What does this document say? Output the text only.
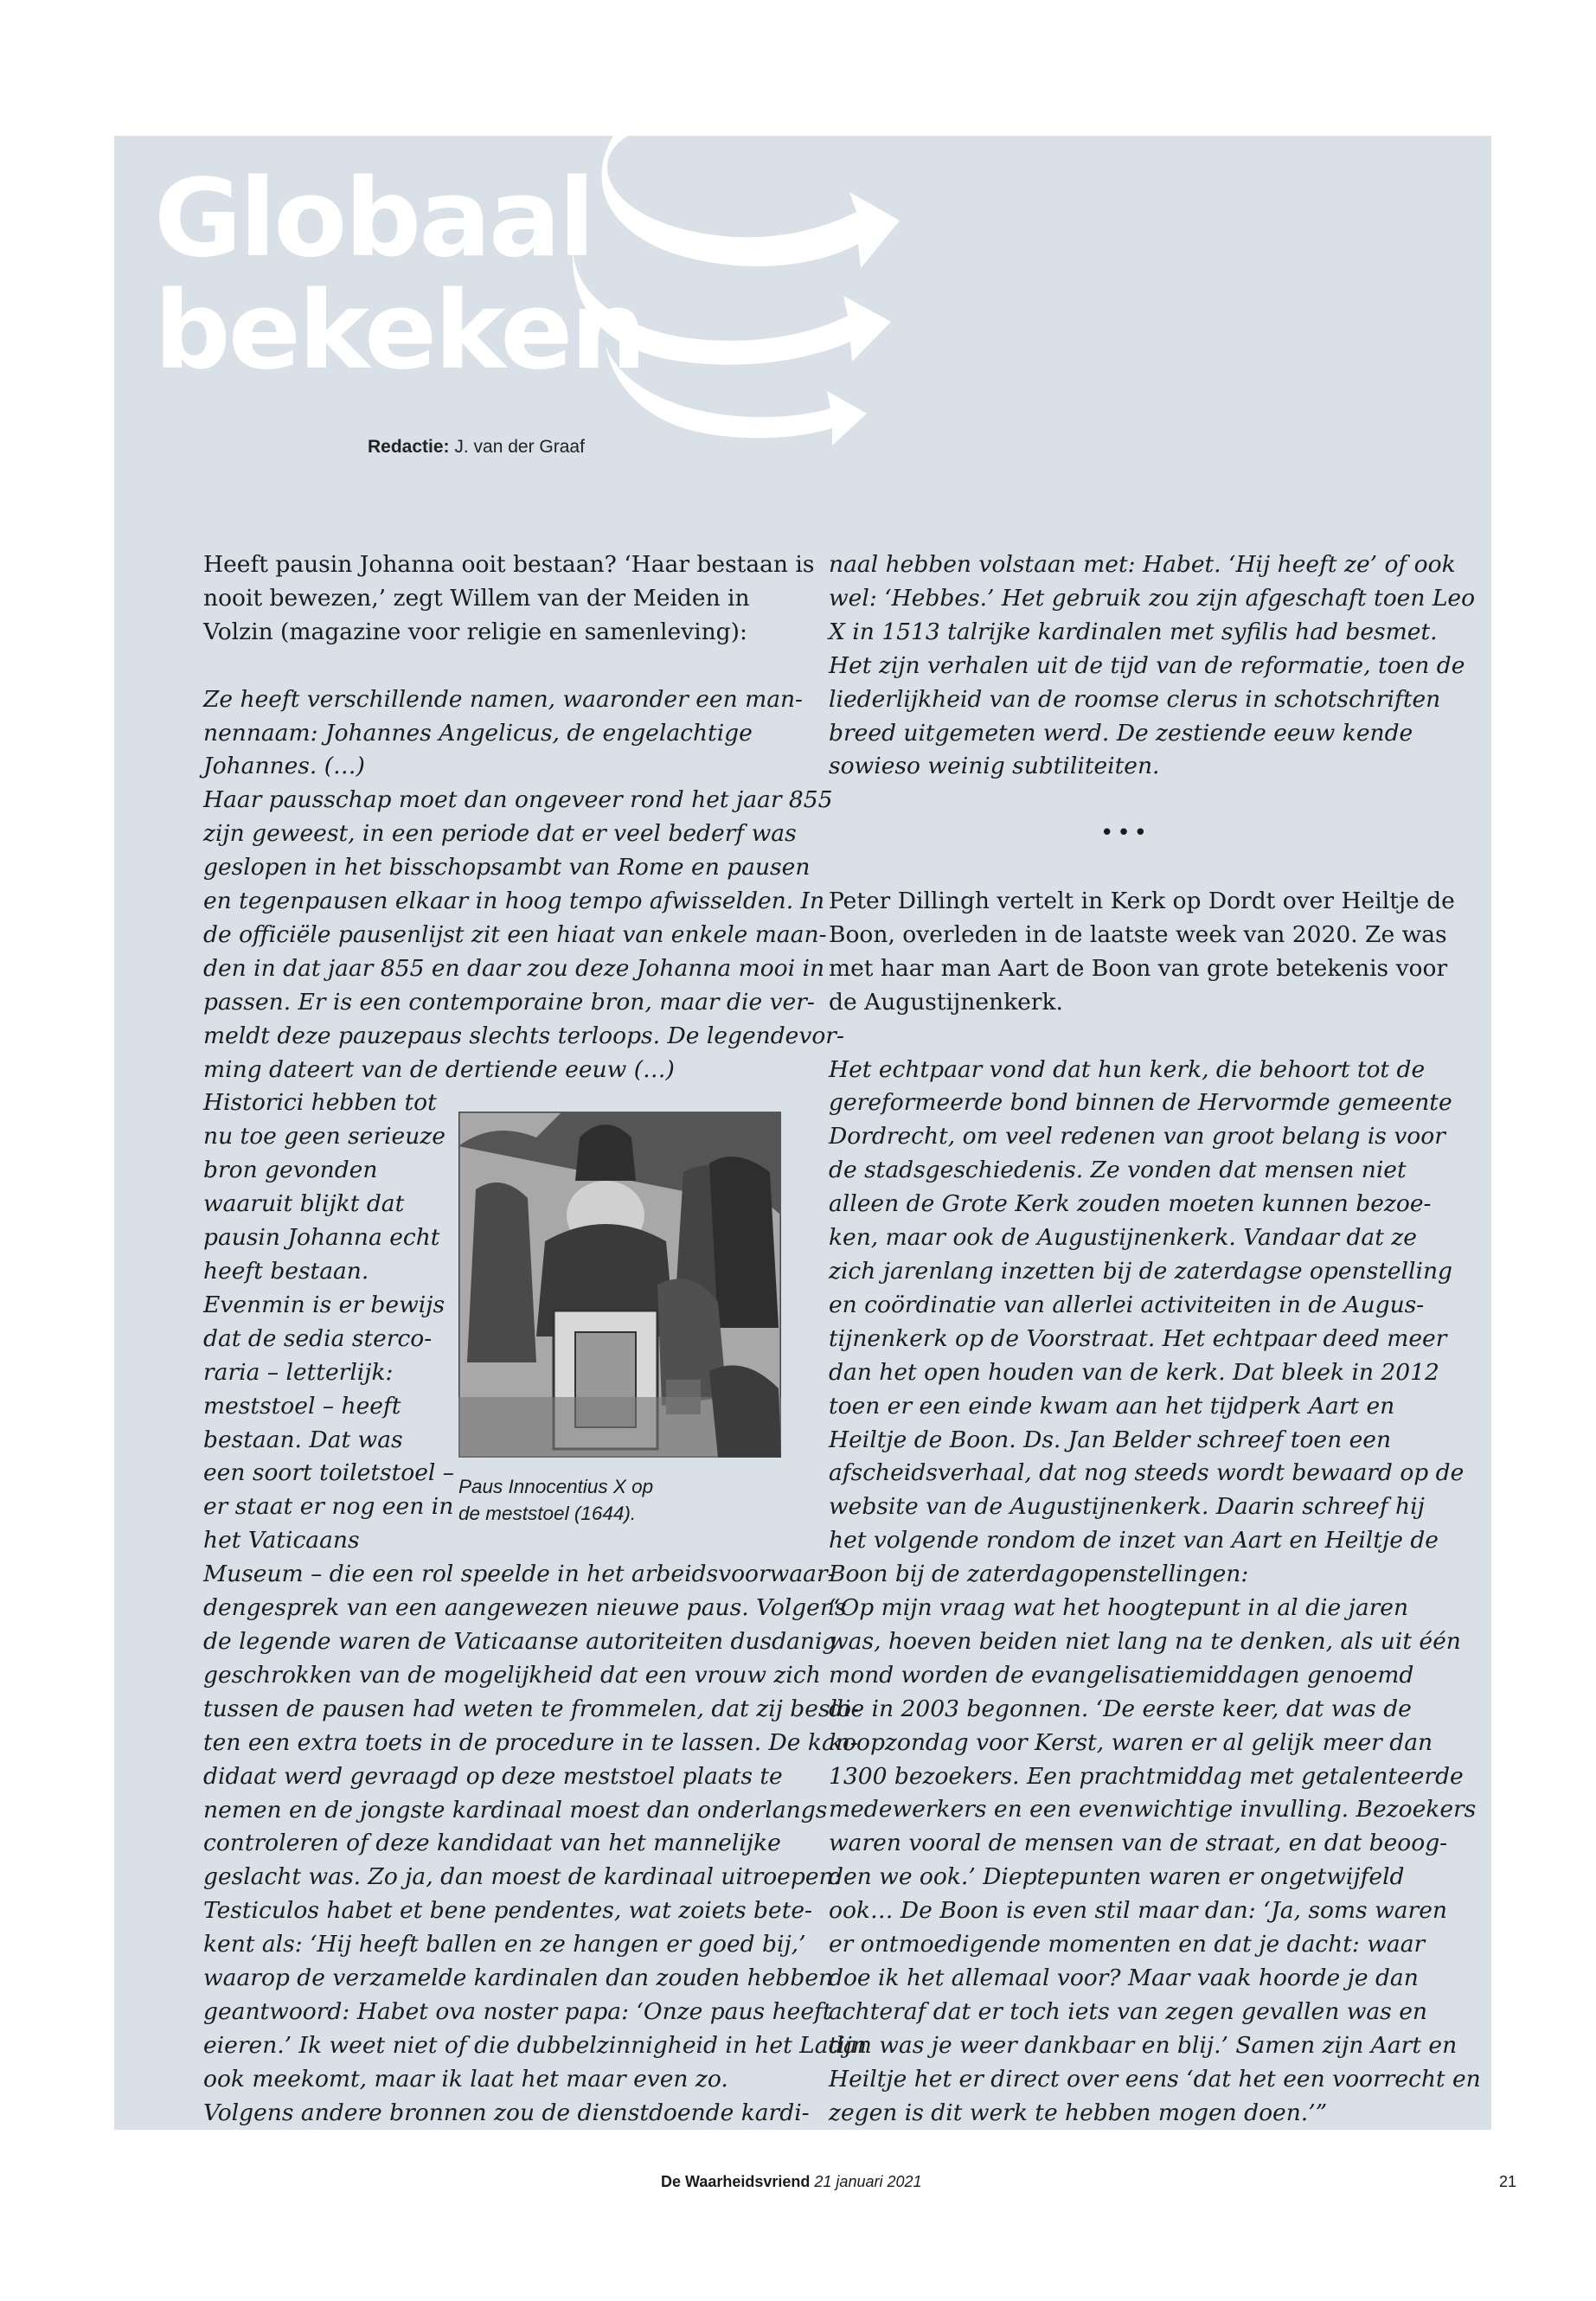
Globaal
bekeken
Redactie: J. van der Graaf

Heeft pausin Johanna ooit bestaan? ‘Haar bestaan is

nooit bewezen,’ zegt Willem van der Meiden in

Volzin (magazine voor religie en samenleving):

Ze heeft verschillende namen, waaronder een man-

nennaam: Johannes Angelicus, de engelachtige

Johannes. (…)

Haar pausschap moet dan ongeveer rond het jaar 855

zijn geweest, in een periode dat er veel bederf was

geslopen in het bisschopsambt van Rome en pausen

en tegenpausen elkaar in hoog tempo afwisselden. In

de officiële pausenlijst zit een hiaat van enkele maan-

den in dat jaar 855 en daar zou deze Johanna mooi in

passen. Er is een contemporaine bron, maar die ver-

meldt deze pauzepaus slechts terloops. De legendevor-

ming dateert van de dertiende eeuw (…)

Historici hebben tot

nu toe geen serieuze

bron gevonden

waaruit blijkt dat

pausin Johanna echt

heeft bestaan.

Evenmin is er bewijs

dat de sedia sterco-

raria – letterlijk:

meststoel – heeft

bestaan. Dat was

een soort toiletstoel –

er staat er nog een in

het Vaticaans

Museum – die een rol speelde in het arbeidsvoorwaar-

dengesprek van een aangewezen nieuwe paus. Volgens

de legende waren de Vaticaanse autoriteiten dusdanig

geschrokken van de mogelijkheid dat een vrouw zich

tussen de pausen had weten te frommelen, dat zij beslo-

ten een extra toets in de procedure in te lassen. De kan-

didaat werd gevraagd op deze meststoel plaats te

nemen en de jongste kardinaal moest dan onderlangs

controleren of deze kandidaat van het mannelijke

geslacht was. Zo ja, dan moest de kardinaal uitroepen:

Testiculos habet et bene pendentes, wat zoiets bete-

kent als: ‘Hij heeft ballen en ze hangen er goed bij,’

waarop de verzamelde kardinalen dan zouden hebben

geantwoord: Habet ova noster papa: ‘Onze paus heeft

eieren.’ Ik weet niet of die dubbelzinnigheid in het Latijn

ook meekomt, maar ik laat het maar even zo.

Volgens andere bronnen zou de dienstdoende kardi-

Paus Innocentius X op

de meststoel (1644).

naal hebben volstaan met: Habet. ‘Hij heeft ze’ of ook

wel: ‘Hebbes.’ Het gebruik zou zijn afgeschaft toen Leo

X in 1513 talrijke kardinalen met syfilis had besmet.

Het zijn verhalen uit de tijd van de reformatie, toen de

liederlijkheid van de roomse clerus in schotschriften

breed uitgemeten werd. De zestiende eeuw kende

sowieso weinig subtiliteiten.

Peter Dillingh vertelt in Kerk op Dordt over Heiltje de

Boon, overleden in de laatste week van 2020. Ze was

met haar man Aart de Boon van grote betekenis voor

de Augustijnenkerk.

Het echtpaar vond dat hun kerk, die behoort tot de

gereformeerde bond binnen de Hervormde gemeente

Dordrecht, om veel redenen van groot belang is voor

de stadsgeschiedenis. Ze vonden dat mensen niet

alleen de Grote Kerk zouden moeten kunnen bezoe-

ken, maar ook de Augustijnenkerk. Vandaar dat ze

zich jarenlang inzetten bij de zaterdagse openstelling

en coördinatie van allerlei activiteiten in de Augus-

tijnenkerk op de Voorstraat. Het echtpaar deed meer

dan het open houden van de kerk. Dat bleek in 2012

toen er een einde kwam aan het tijdperk Aart en

Heiltje de Boon. Ds. Jan Belder schreef toen een

afscheidsverhaal, dat nog steeds wordt bewaard op de

website van de Augustijnenkerk. Daarin schreef hij

het volgende rondom de inzet van Aart en Heiltje de

Boon bij de zaterdagopenstellingen:

“Op mijn vraag wat het hoogtepunt in al die jaren

was, hoeven beiden niet lang na te denken, als uit één

mond worden de evangelisatiemiddagen genoemd

die in 2003 begonnen. ‘De eerste keer, dat was de

koopzondag voor Kerst, waren er al gelijk meer dan

1300 bezoekers. Een prachtmiddag met getalenteerde

medewerkers en een evenwichtige invulling. Bezoekers

waren vooral de mensen van de straat, en dat beoog-

den we ook.’ Dieptepunten waren er ongetwijfeld

ook… De Boon is even stil maar dan: ‘Ja, soms waren

er ontmoedigende momenten en dat je dacht: waar

doe ik het allemaal voor? Maar vaak hoorde je dan

achteraf dat er toch iets van zegen gevallen was en

dan was je weer dankbaar en blij.’ Samen zijn Aart en

Heiltje het er direct over eens ‘dat het een voorrecht en

zegen is dit werk te hebben mogen doen.’”

•••
De Waarheidsvriend 21 januari 2021	21
